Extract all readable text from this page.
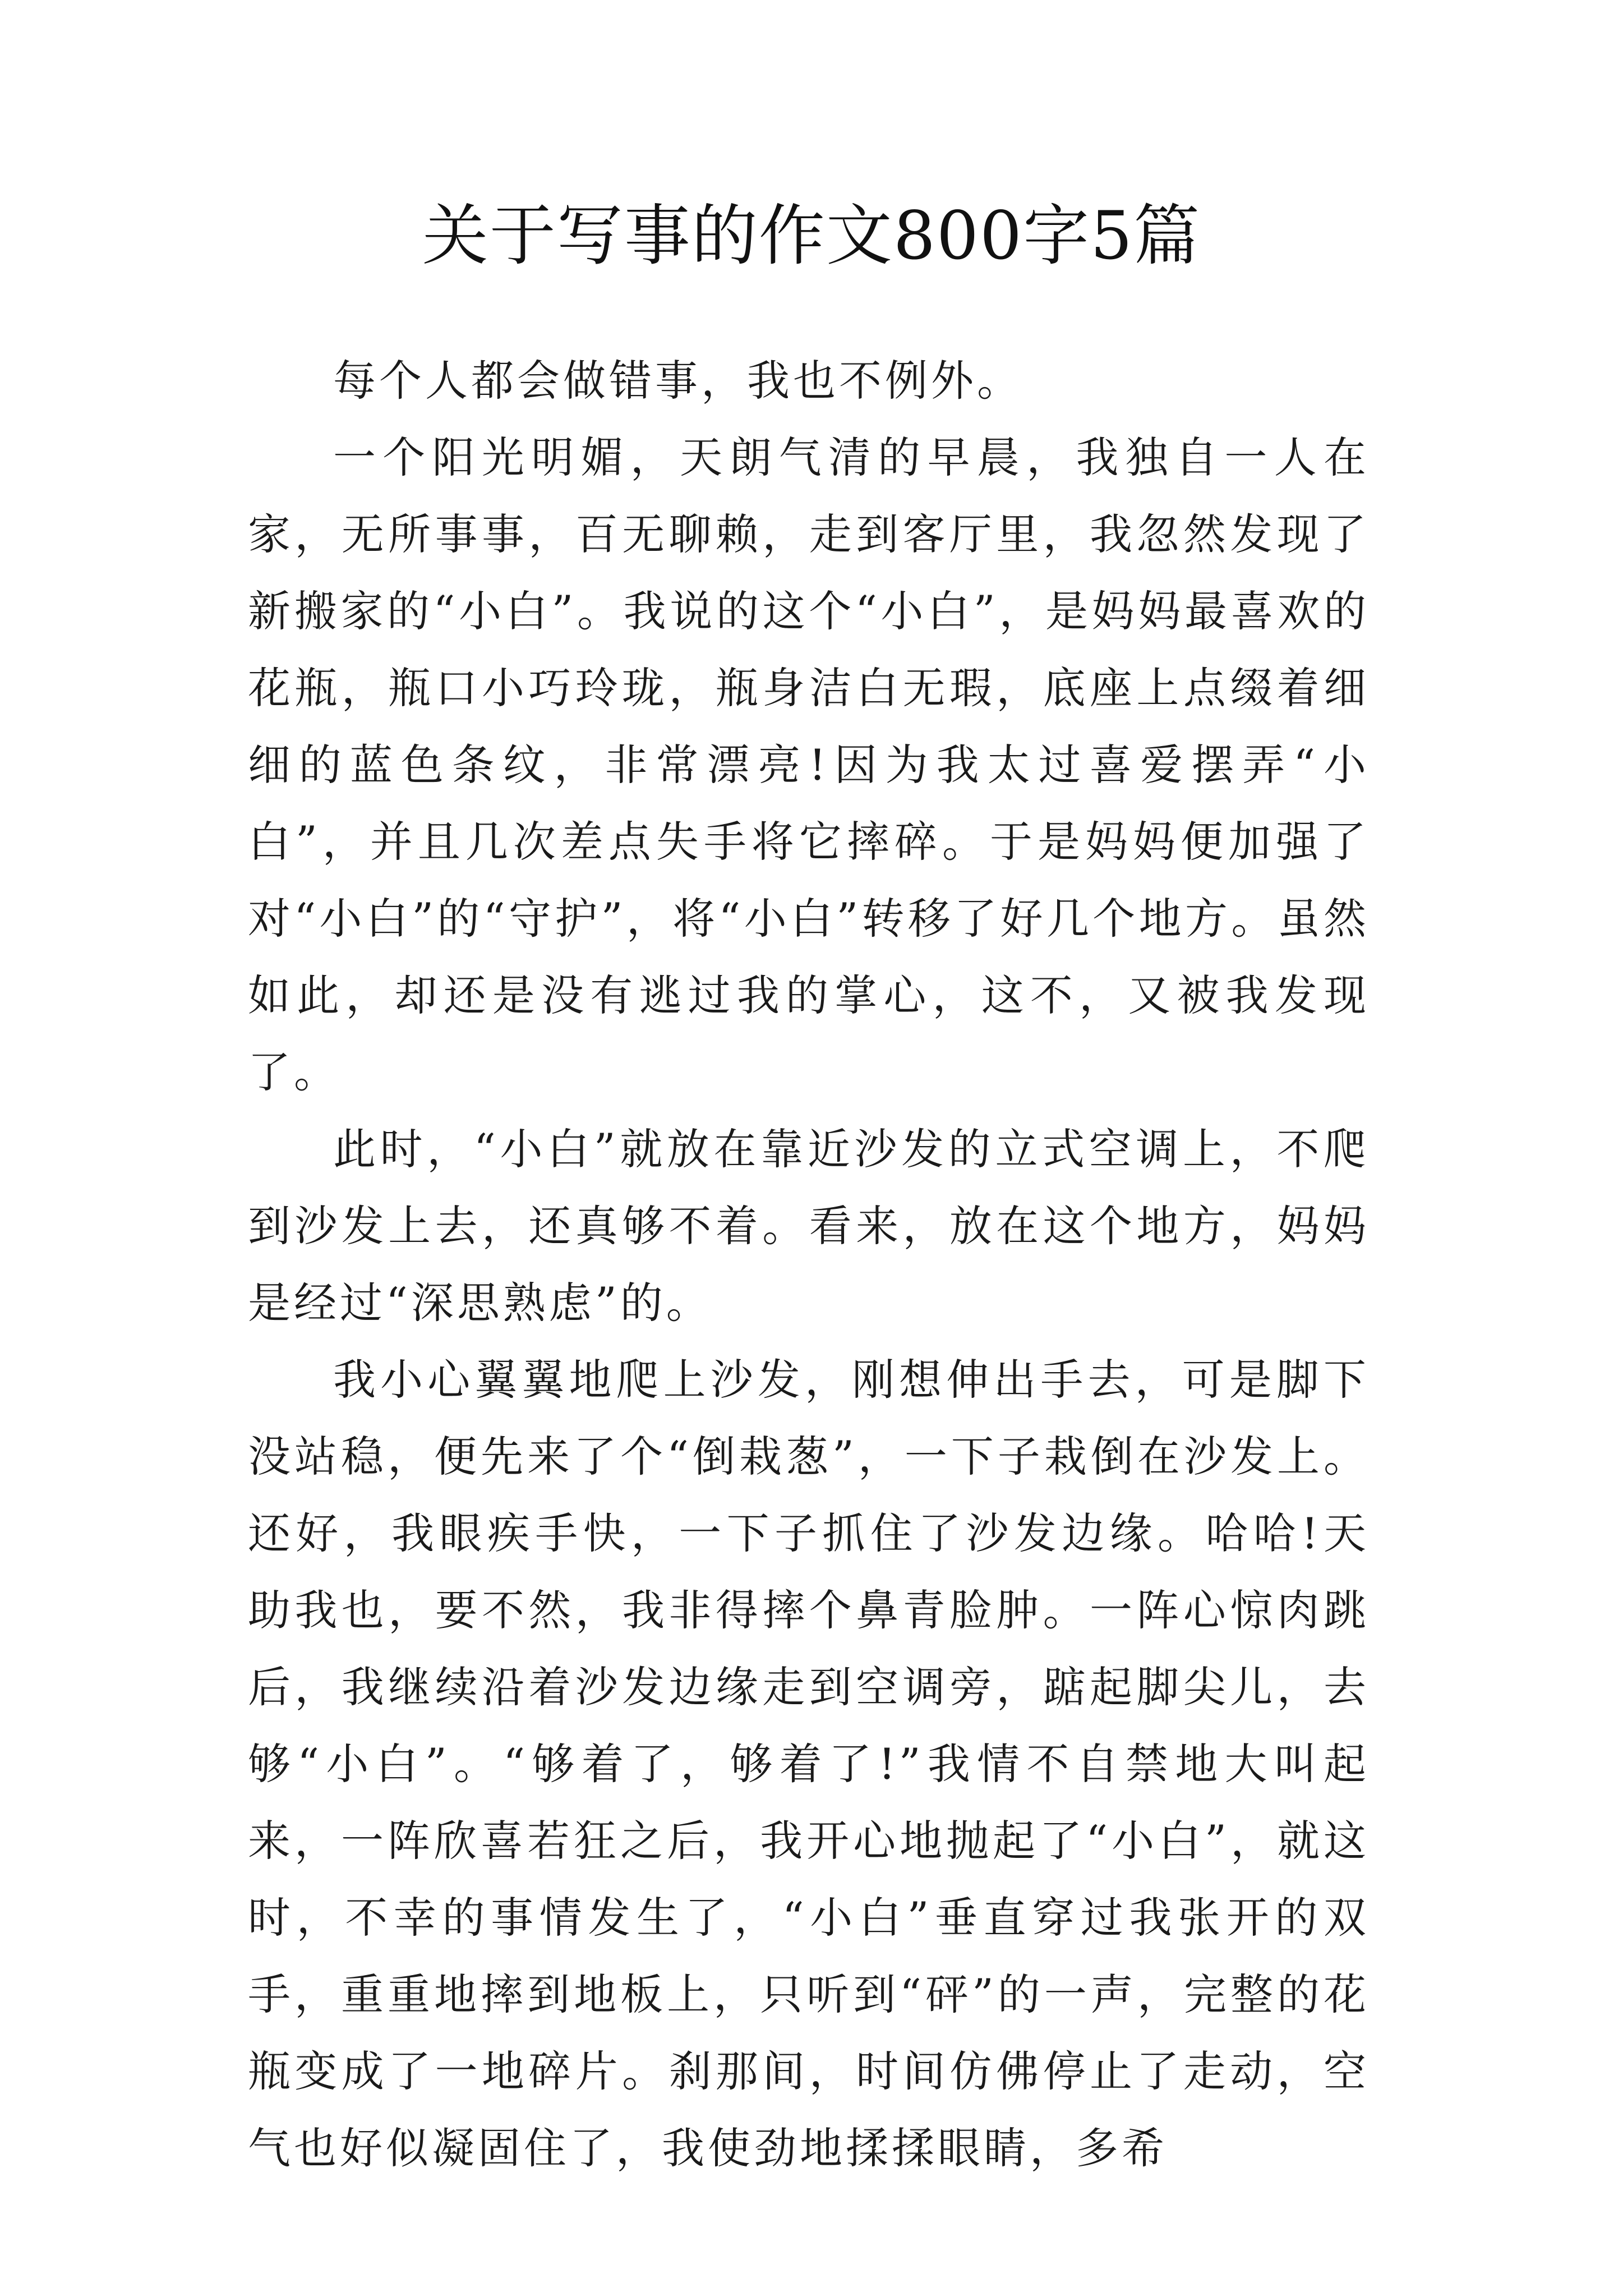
关于写事的作文800字5篇

每个人都会做错事，我也不例外。

一个阳光明媚，天朗气清的早晨，我独自一人在家，无所事事，百无聊赖，走到客厅里，我忽然发现了新搬家的“小白”。我说的这个“小白”，是妈妈最喜欢的花瓶，瓶口小巧玲珑，瓶身洁白无瑕，底座上点缀着细细的蓝色条纹，非常漂亮!因为我太过喜爱摆弄“小白”，并且几次差点失手将它摔碎。于是妈妈便加强了对“小白”的“守护”，将“小白”转移了好几个地方。虽然如此，却还是没有逃过我的掌心，这不，又被我发现了。

此时，“小白”就放在靠近沙发的立式空调上，不爬到沙发上去，还真够不着。看来，放在这个地方，妈妈是经过“深思熟虑”的。

我小心翼翼地爬上沙发，刚想伸出手去，可是脚下没站稳，便先来了个“倒栽葱”，一下子栽倒在沙发上。还好，我眼疾手快，一下子抓住了沙发边缘。哈哈!天助我也，要不然，我非得摔个鼻青脸肿。一阵心惊肉跳后，我继续沿着沙发边缘走到空调旁，踮起脚尖儿，去够“小白”。“够着了，够着了!”我情不自禁地大叫起来，一阵欣喜若狂之后，我开心地抛起了“小白”，就这时，不幸的事情发生了，“小白”垂直穿过我张开的双手，重重地摔到地板上，只听到“砰”的一声，完整的花瓶变成了一地碎片。刹那间，时间仿佛停止了走动，空气也好似凝固住了，我使劲地揉揉眼睛，多希
